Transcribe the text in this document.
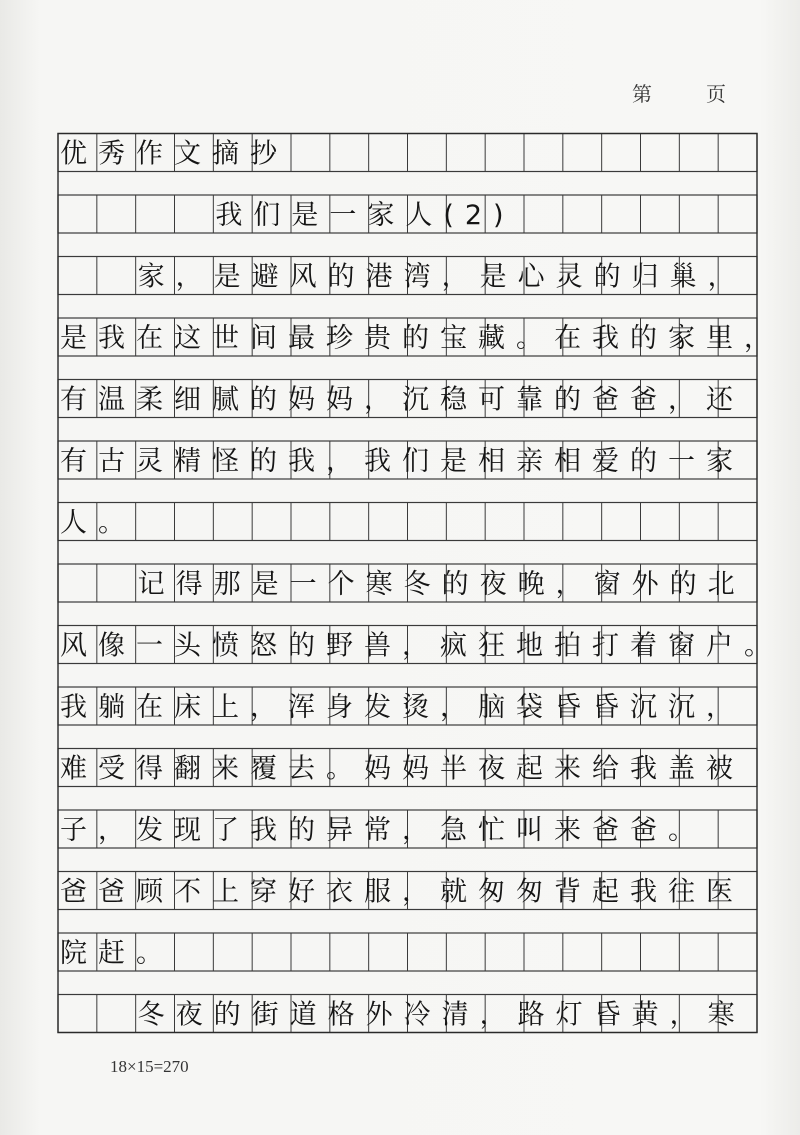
第	页
优秀作文摘抄
我们是一家人(2)
家，是避风的港湾，是心灵的归巢，
是我在这世间最珍贵的宝藏。在我的家里，
有温柔细腻的妈妈，沉稳可靠的爸爸，还
有古灵精怪的我，我们是相亲相爱的一家
人。
记得那是一个寒冬的夜晚，窗外的北
风像一头愤怒的野兽，疯狂地拍打着窗户。
我躺在床上，浑身发烫，脑袋昏昏沉沉，
难受得翻来覆去。妈妈半夜起来给我盖被
子，发现了我的异常，急忙叫来爸爸。
爸爸顾不上穿好衣服，就匆匆背起我往医
院赶。
冬夜的街道格外冷清，路灯昏黄，寒
18×15=270
